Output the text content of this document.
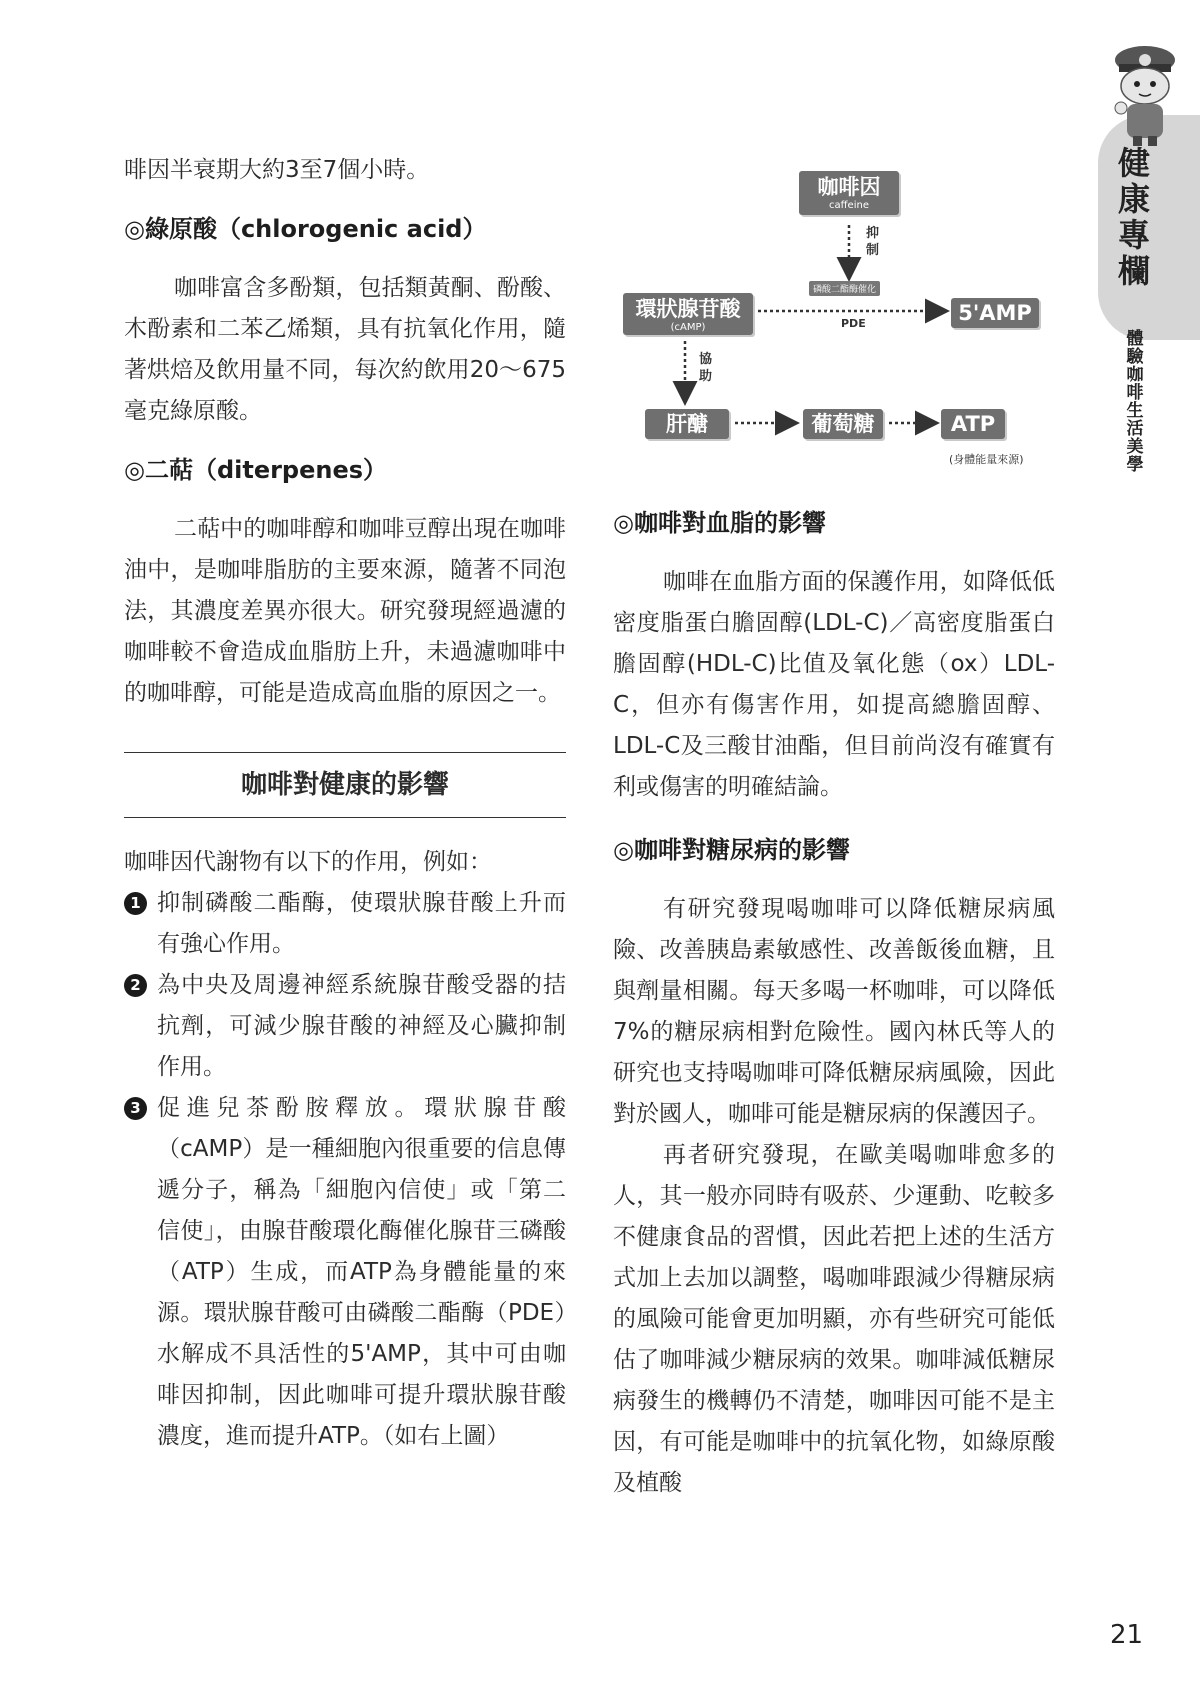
健康專欄
體驗咖啡生活美學

啡因半衰期大約3至7個小時。

◎綠原酸（chlorogenic acid）

咖啡富含多酚類，包括類黃酮、酚酸、木酚素和二苯乙烯類，具有抗氧化作用，隨著烘焙及飲用量不同，每次約飲用20～675毫克綠原酸。

◎二萜（diterpenes）

二萜中的咖啡醇和咖啡豆醇出現在咖啡油中，是咖啡脂肪的主要來源，隨著不同泡法，其濃度差異亦很大。研究發現經過濾的咖啡較不會造成血脂肪上升，未過濾咖啡中的咖啡醇，可能是造成高血脂的原因之一。

咖啡對健康的影響

咖啡因代謝物有以下的作用，例如：

1 抑制磷酸二酯酶，使環狀腺苷酸上升而有強心作用。
2 為中央及周邊神經系統腺苷酸受器的拮抗劑，可減少腺苷酸的神經及心臟抑制作用。
3 促進兒茶酚胺釋放。環狀腺苷酸（cAMP）是一種細胞內很重要的信息傳遞分子，稱為「細胞內信使」或「第二信使」，由腺苷酸環化酶催化腺苷三磷酸（ATP）生成，而ATP為身體能量的來源。環狀腺苷酸可由磷酸二酯酶（PDE）水解成不具活性的5'AMP，其中可由咖啡因抑制，因此咖啡可提升環狀腺苷酸濃度，進而提升ATP。（如右上圖）
咖啡因
caffeine
抑制
磷酸二酯酶催化
環狀腺苷酸
(cAMP)	PDE	5'AMP
協助
肝醣	葡萄糖	ATP
(身體能量來源)
◎咖啡對血脂的影響

咖啡在血脂方面的保護作用，如降低低密度脂蛋白膽固醇(LDL-C)／高密度脂蛋白膽固醇(HDL-C)比值及氧化態（ox）LDL-C，但亦有傷害作用，如提高總膽固醇、LDL-C及三酸甘油酯，但目前尚沒有確實有利或傷害的明確結論。

◎咖啡對糖尿病的影響

有研究發現喝咖啡可以降低糖尿病風險、改善胰島素敏感性、改善飯後血糖，且與劑量相關。每天多喝一杯咖啡，可以降低7%的糖尿病相對危險性。國內林氏等人的研究也支持喝咖啡可降低糖尿病風險，因此對於國人，咖啡可能是糖尿病的保護因子。

再者研究發現，在歐美喝咖啡愈多的人，其一般亦同時有吸菸、少運動、吃較多不健康食品的習慣，因此若把上述的生活方式加上去加以調整，喝咖啡跟減少得糖尿病的風險可能會更加明顯，亦有些研究可能低估了咖啡減少糖尿病的效果。咖啡減低糖尿病發生的機轉仍不清楚，咖啡因可能不是主因，有可能是咖啡中的抗氧化物，如綠原酸及植酸

21
